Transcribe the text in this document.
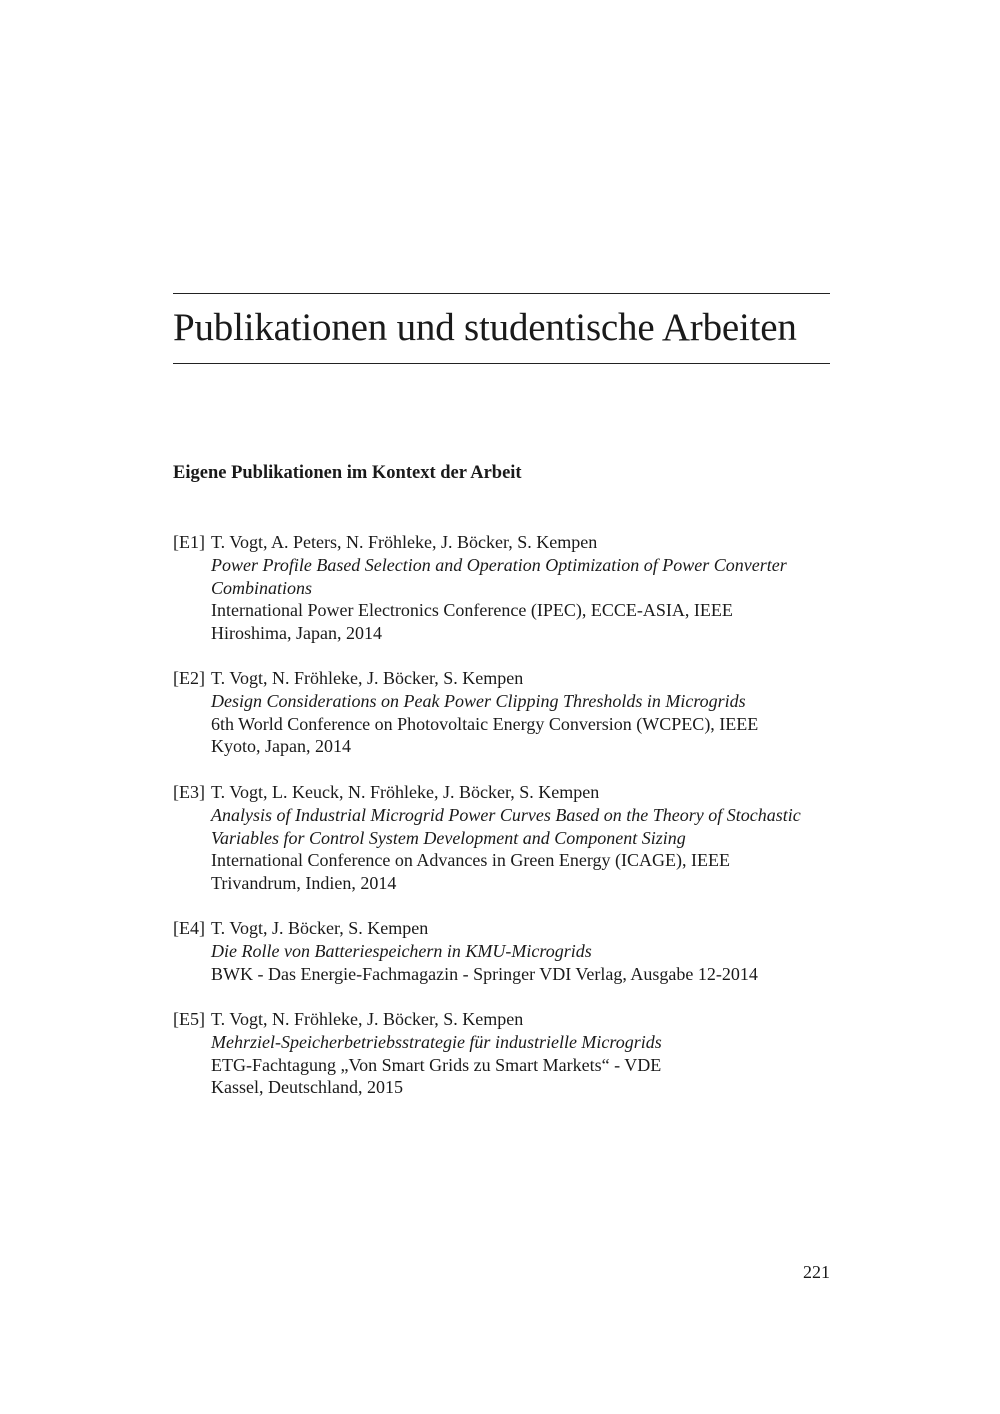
Publikationen und studentische Arbeiten
Eigene Publikationen im Kontext der Arbeit
[E1] T. Vogt, A. Peters, N. Fröhleke, J. Böcker, S. Kempen
Power Profile Based Selection and Operation Optimization of Power Converter Combinations
International Power Electronics Conference (IPEC), ECCE-ASIA, IEEE
Hiroshima, Japan, 2014
[E2] T. Vogt, N. Fröhleke, J. Böcker, S. Kempen
Design Considerations on Peak Power Clipping Thresholds in Microgrids
6th World Conference on Photovoltaic Energy Conversion (WCPEC), IEEE
Kyoto, Japan, 2014
[E3] T. Vogt, L. Keuck, N. Fröhleke, J. Böcker, S. Kempen
Analysis of Industrial Microgrid Power Curves Based on the Theory of Stochastic Variables for Control System Development and Component Sizing
International Conference on Advances in Green Energy (ICAGE), IEEE
Trivandrum, Indien, 2014
[E4] T. Vogt, J. Böcker, S. Kempen
Die Rolle von Batteriespeichern in KMU-Microgrids
BWK - Das Energie-Fachmagazin - Springer VDI Verlag, Ausgabe 12-2014
[E5] T. Vogt, N. Fröhleke, J. Böcker, S. Kempen
Mehrziel-Speicherbetriebsstrategie für industrielle Microgrids
ETG-Fachtagung „Von Smart Grids zu Smart Markets“ - VDE
Kassel, Deutschland, 2015
221
